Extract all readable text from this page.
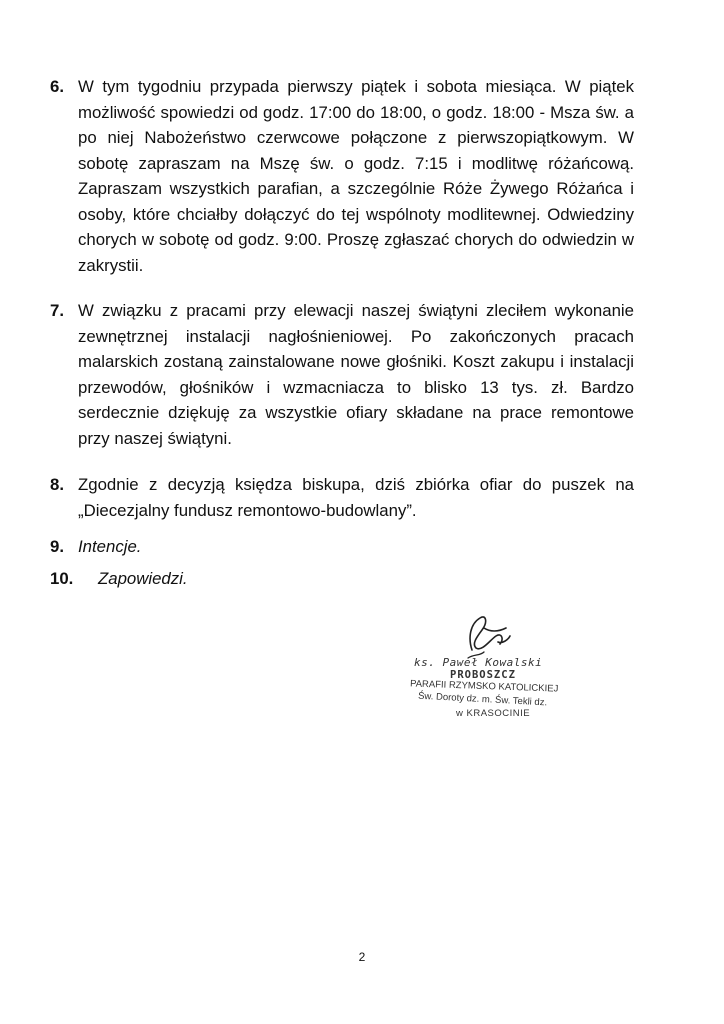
6. W tym tygodniu przypada pierwszy piątek i sobota miesiąca. W piątek możliwość spowiedzi od godz. 17:00 do 18:00, o godz. 18:00 - Msza św. a po niej Nabożeństwo czerwcowe połączone z pierwszopiątkowym. W sobotę zapraszam na Mszę św. o godz. 7:15 i modlitwę różańcową. Zapraszam wszystkich parafian, a szczególnie Róże Żywego Różańca i osoby, które chciałby dołączyć do tej wspólnoty modlitewnej. Odwiedziny chorych w sobotę od godz. 9:00. Proszę zgłaszać chorych do odwiedzin w zakrystii.
7. W związku z pracami przy elewacji naszej świątyni zleciłem wykonanie zewnętrznej instalacji nagłośnieniowej. Po zakończonych pracach malarskich zostaną zainstalowane nowe głośniki. Koszt zakupu i instalacji przewodów, głośników i wzmacniacza to blisko 13 tys. zł. Bardzo serdecznie dziękuję za wszystkie ofiary składane na prace remontowe przy naszej świątyni.
8. Zgodnie z decyzją księdza biskupa, dziś zbiórka ofiar do puszek na „Diecezjalny fundusz remontowo-budowlany”.
9. Intencje.
10. Zapowiedzi.
ks. Paweł Kowalski
PROBOSZCZ
PARAFII RZYMSKO KATOLICKIEJ
Św. Doroty dz. m. Św. Tekli dz.
w KRASOCINIE
2
